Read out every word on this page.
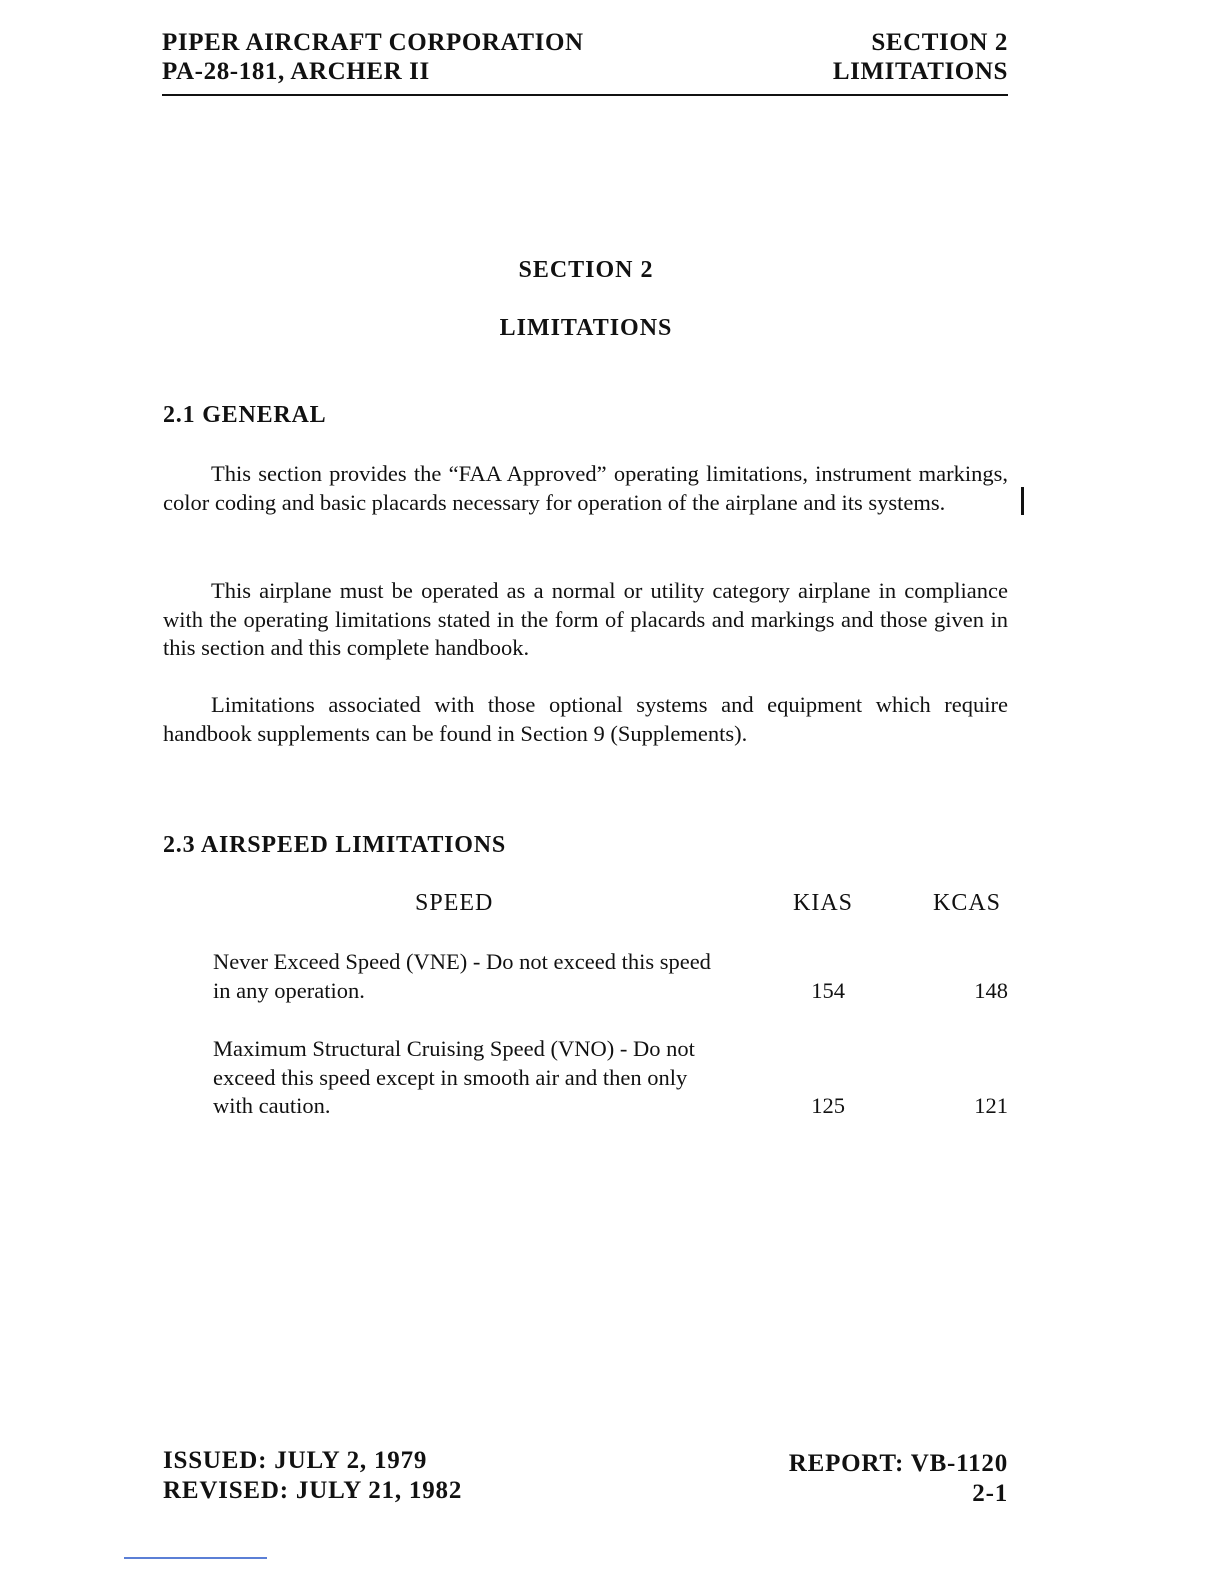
PIPER AIRCRAFT CORPORATION
PA-28-181, ARCHER II
SECTION 2
LIMITATIONS
SECTION 2
LIMITATIONS
2.1 GENERAL
This section provides the “FAA Approved” operating limitations, instrument markings, color coding and basic placards necessary for operation of the airplane and its systems.
This airplane must be operated as a normal or utility category airplane in compliance with the operating limitations stated in the form of placards and markings and those given in this section and this complete handbook.
Limitations associated with those optional systems and equipment which require handbook supplements can be found in Section 9 (Supplements).
2.3 AIRSPEED LIMITATIONS
SPEED	KIAS	KCAS
Never Exceed Speed (VNE) - Do not exceed this speed in any operation.	154	148
Maximum Structural Cruising Speed (VNO) - Do not exceed this speed except in smooth air and then only with caution.	125	121
ISSUED: JULY 2, 1979
REVISED: JULY 21, 1982
REPORT: VB-1120
2-1
